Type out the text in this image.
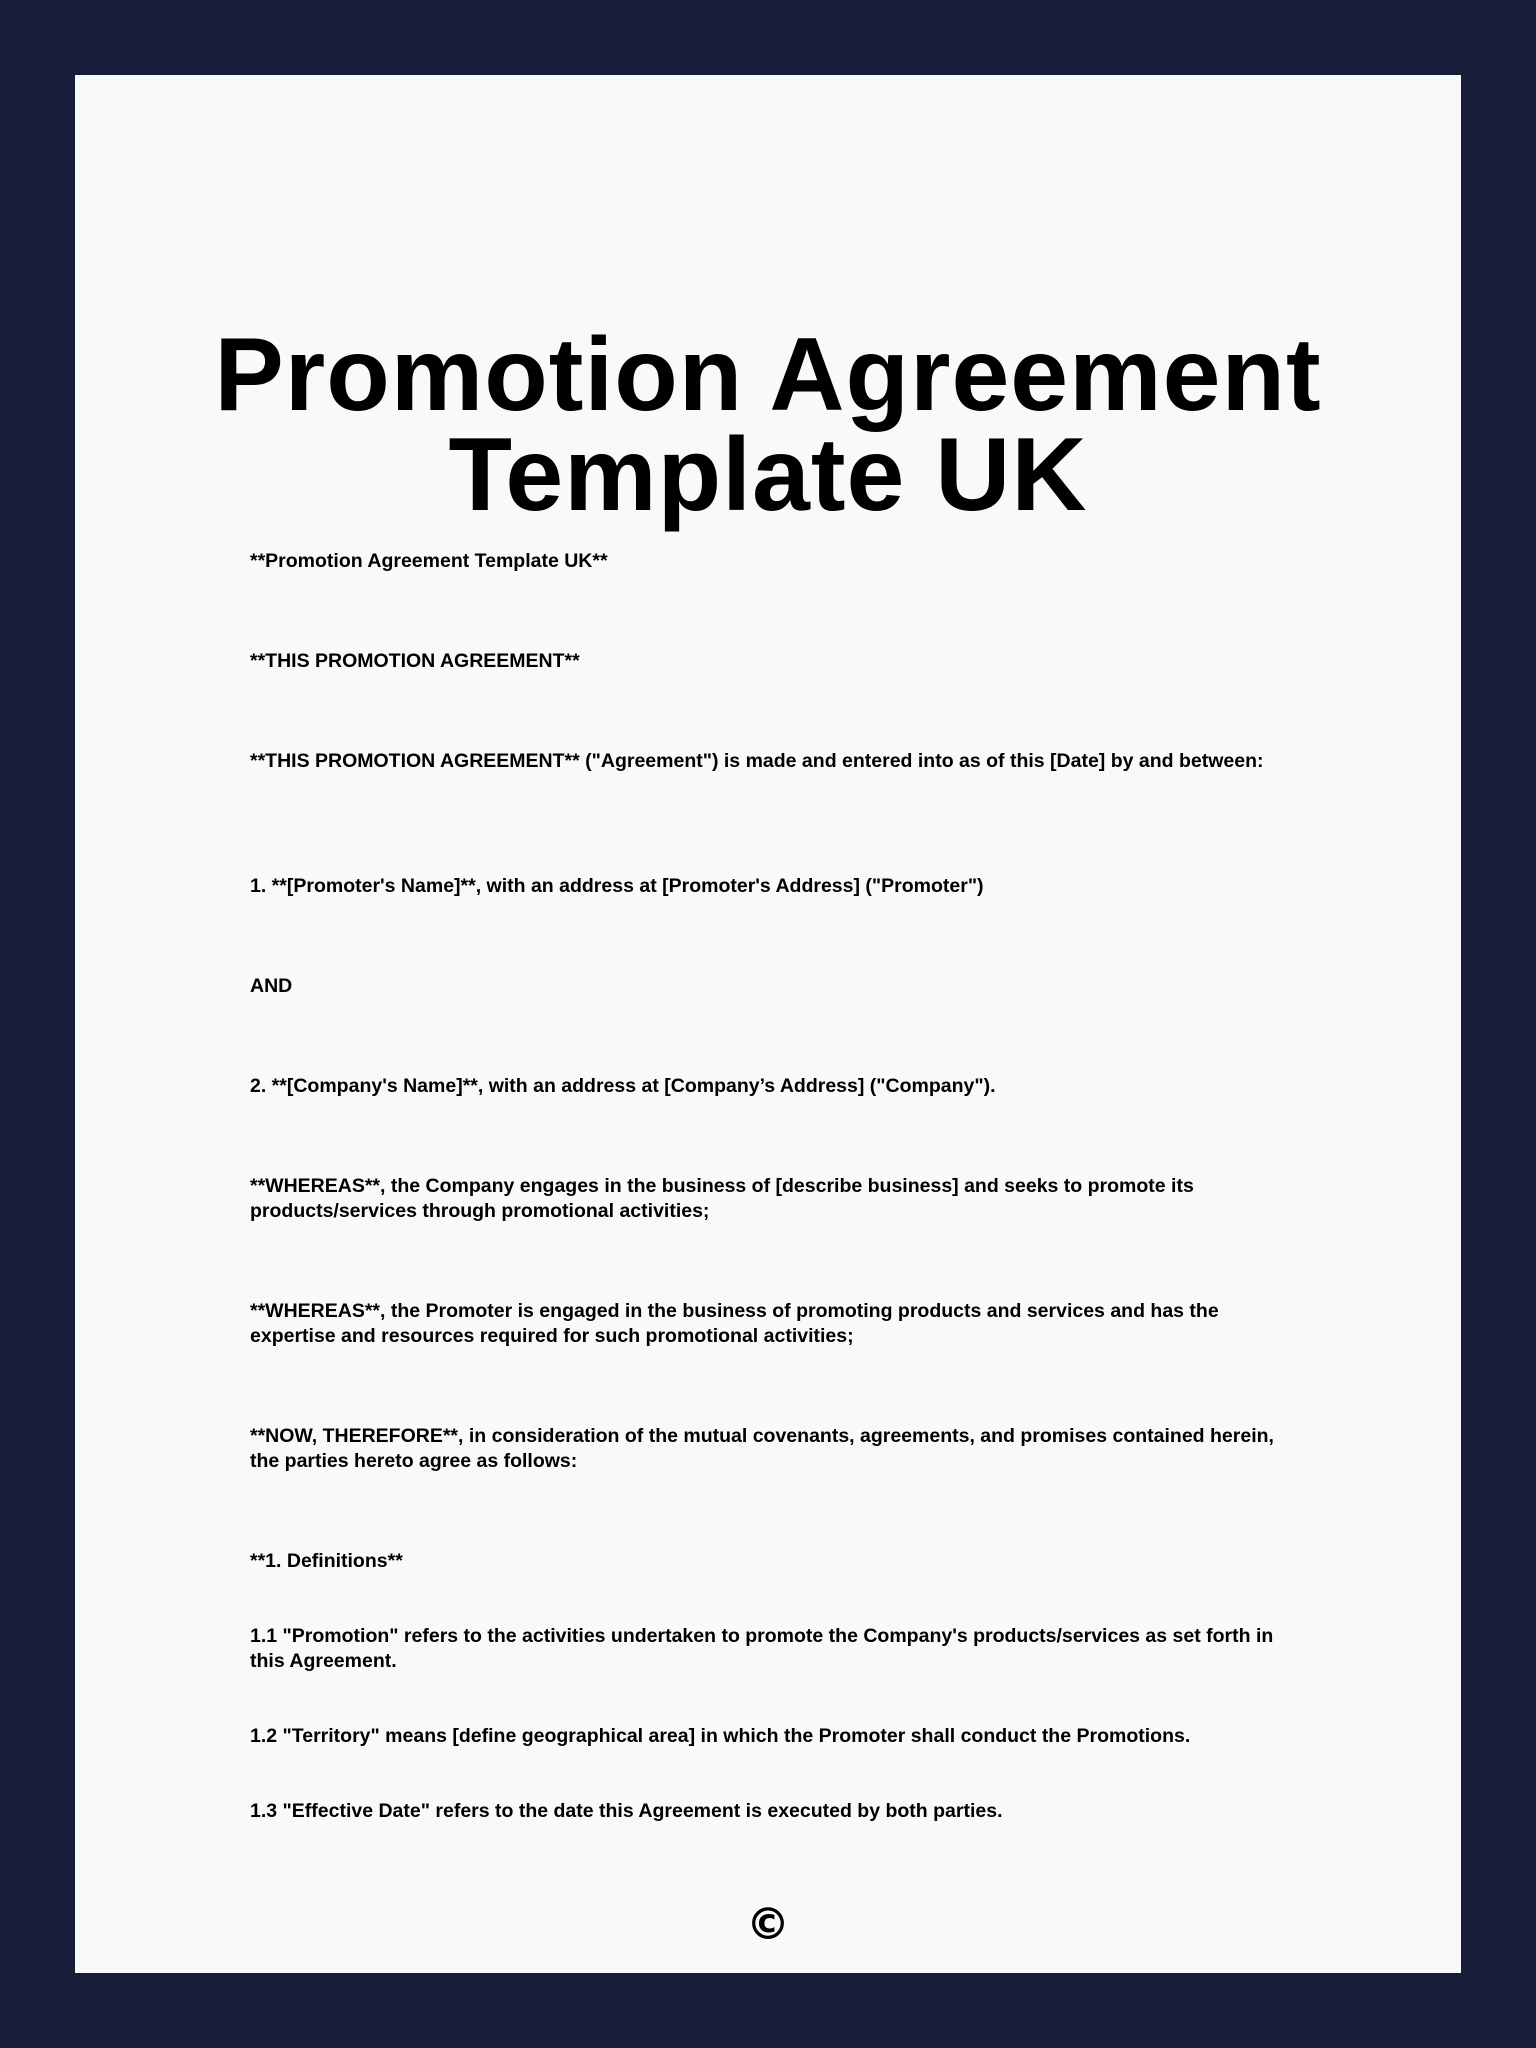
Promotion Agreement Template UK

**Promotion Agreement Template UK**

**THIS PROMOTION AGREEMENT**

**THIS PROMOTION AGREEMENT** ("Agreement") is made and entered into as of this [Date] by and between:

1. **[Promoter's Name]**, with an address at [Promoter's Address] ("Promoter")

AND

2. **[Company's Name]**, with an address at [Company’s Address] ("Company").

**WHEREAS**, the Company engages in the business of [describe business] and seeks to promote its products/services through promotional activities;

**WHEREAS**, the Promoter is engaged in the business of promoting products and services and has the expertise and resources required for such promotional activities;

**NOW, THEREFORE**, in consideration of the mutual covenants, agreements, and promises contained herein, the parties hereto agree as follows:

**1. Definitions**

1.1 "Promotion" refers to the activities undertaken to promote the Company's products/services as set forth in this Agreement.

1.2 "Territory" means [define geographical area] in which the Promoter shall conduct the Promotions.

1.3 "Effective Date" refers to the date this Agreement is executed by both parties.

©
